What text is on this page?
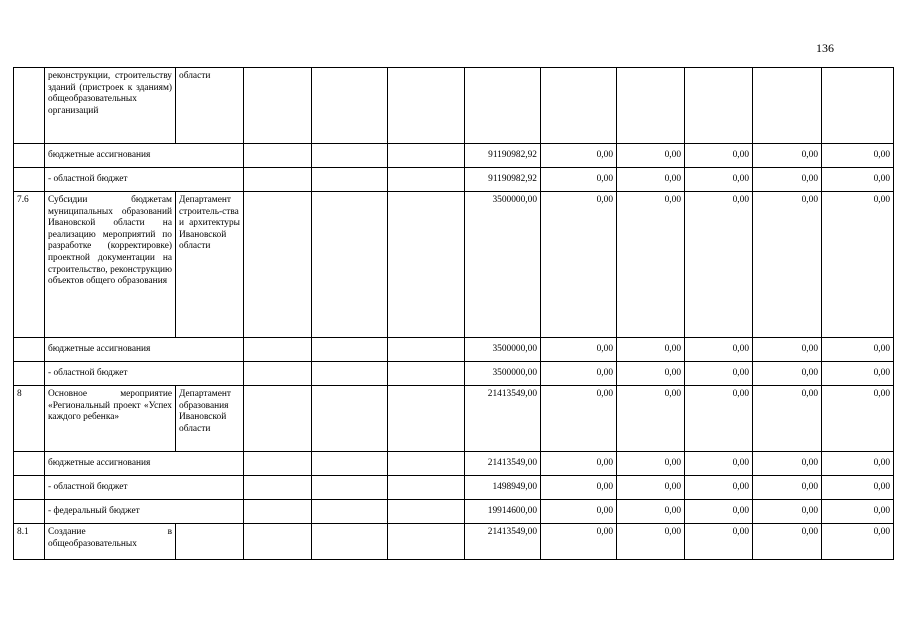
136
	реконструкции, строительству зданий (пристроек к зданиям) общеобразовательных организаций	области									
	бюджетные ассигнования					91190982,92	0,00	0,00	0,00	0,00	0,00
	- областной бюджет					91190982,92	0,00	0,00	0,00	0,00	0,00
7.6	Субсидии бюджетам муниципальных образований Ивановской области на реализацию мероприятий по разработке (корректировке) проектной документации на строительство, реконструкцию объектов общего образования	Департамент строитель-ства и архитектуры Ивановской области				3500000,00	0,00	0,00	0,00	0,00	0,00
	бюджетные ассигнования					3500000,00	0,00	0,00	0,00	0,00	0,00
	- областной бюджет					3500000,00	0,00	0,00	0,00	0,00	0,00
8	Основное мероприятие «Региональный проект «Успех каждого ребенка»	Департамент образования Ивановской области				21413549,00	0,00	0,00	0,00	0,00	0,00
	бюджетные ассигнования					21413549,00	0,00	0,00	0,00	0,00	0,00
	- областной бюджет					1498949,00	0,00	0,00	0,00	0,00	0,00
	- федеральный бюджет					19914600,00	0,00	0,00	0,00	0,00	0,00
8.1	Создание в общеобразовательных					21413549,00	0,00	0,00	0,00	0,00	0,00
